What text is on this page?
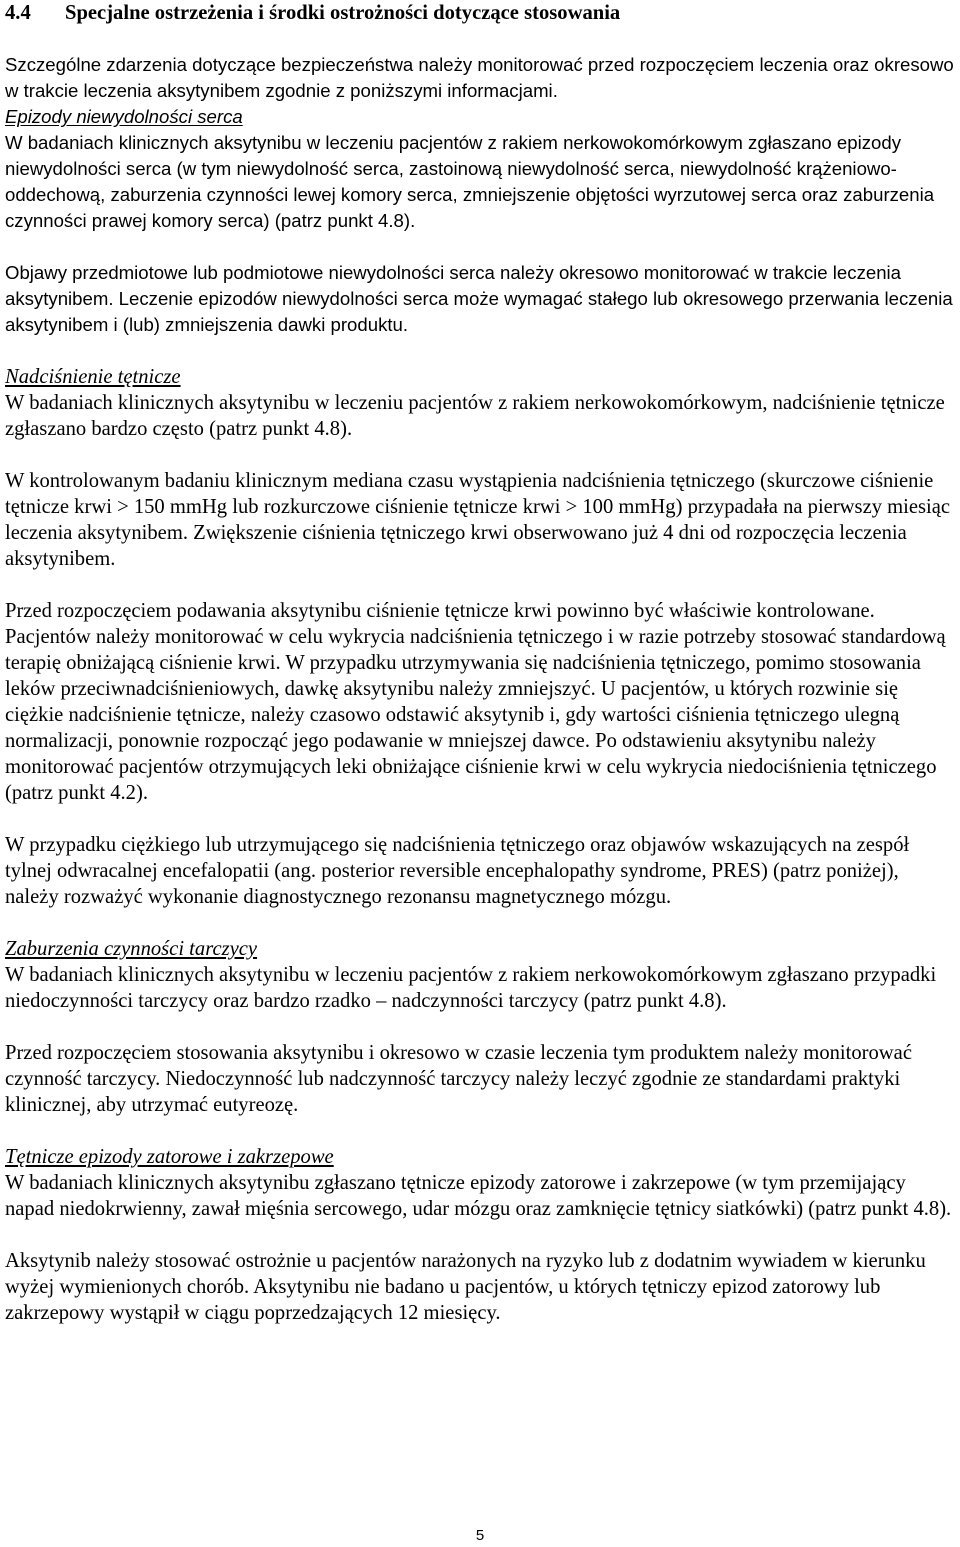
4.4	Specjalne ostrzeżenia i środki ostrożności dotyczące stosowania

Szczególne zdarzenia dotyczące bezpieczeństwa należy monitorować przed rozpoczęciem leczenia oraz okresowo w trakcie leczenia aksytynibem zgodnie z poniższymi informacjami.

Epizody niewydolności serca

W badaniach klinicznych aksytynibu w leczeniu pacjentów z rakiem nerkowokomórkowym zgłaszano epizody niewydolności serca (w tym niewydolność serca, zastoinową niewydolność serca, niewydolność krążeniowo-oddechową, zaburzenia czynności lewej komory serca, zmniejszenie objętości wyrzutowej serca oraz zaburzenia czynności prawej komory serca) (patrz punkt 4.8).

Objawy przedmiotowe lub podmiotowe niewydolności serca należy okresowo monitorować w trakcie leczenia aksytynibem. Leczenie epizodów niewydolności serca może wymagać stałego lub okresowego przerwania leczenia aksytynibem i (lub) zmniejszenia dawki produktu.

Nadciśnienie tętnicze

W badaniach klinicznych aksytynibu w leczeniu pacjentów z rakiem nerkowokomórkowym, nadciśnienie tętnicze zgłaszano bardzo często (patrz punkt 4.8).

W kontrolowanym badaniu klinicznym mediana czasu wystąpienia nadciśnienia tętniczego (skurczowe ciśnienie tętnicze krwi > 150 mmHg lub rozkurczowe ciśnienie tętnicze krwi > 100 mmHg) przypadała na pierwszy miesiąc leczenia aksytynibem. Zwiększenie ciśnienia tętniczego krwi obserwowano już 4 dni od rozpoczęcia leczenia aksytynibem.

Przed rozpoczęciem podawania aksytynibu ciśnienie tętnicze krwi powinno być właściwie kontrolowane. Pacjentów należy monitorować w celu wykrycia nadciśnienia tętniczego i w razie potrzeby stosować standardową terapię obniżającą ciśnienie krwi. W przypadku utrzymywania się nadciśnienia tętniczego, pomimo stosowania leków przeciwnadciśnieniowych, dawkę aksytynibu należy zmniejszyć. U pacjentów, u których rozwinie się ciężkie nadciśnienie tętnicze, należy czasowo odstawić aksytynib i, gdy wartości ciśnienia tętniczego ulegną normalizacji, ponownie rozpocząć jego podawanie w mniejszej dawce. Po odstawieniu aksytynibu należy monitorować pacjentów otrzymujących leki obniżające ciśnienie krwi w celu wykrycia niedociśnienia tętniczego (patrz punkt 4.2).

W przypadku ciężkiego lub utrzymującego się nadciśnienia tętniczego oraz objawów wskazujących na zespół tylnej odwracalnej encefalopatii (ang. posterior reversible encephalopathy syndrome, PRES) (patrz poniżej), należy rozważyć wykonanie diagnostycznego rezonansu magnetycznego mózgu.

Zaburzenia czynności tarczycy

W badaniach klinicznych aksytynibu w leczeniu pacjentów z rakiem nerkowokomórkowym zgłaszano przypadki niedoczynności tarczycy oraz bardzo rzadko – nadczynności tarczycy (patrz punkt 4.8).

Przed rozpoczęciem stosowania aksytynibu i okresowo w czasie leczenia tym produktem należy monitorować czynność tarczycy. Niedoczynność lub nadczynność tarczycy należy leczyć zgodnie ze standardami praktyki klinicznej, aby utrzymać eutyreozę.

Tętnicze epizody zatorowe i zakrzepowe

W badaniach klinicznych aksytynibu zgłaszano tętnicze epizody zatorowe i zakrzepowe (w tym przemijający napad niedokrwienny, zawał mięśnia sercowego, udar mózgu oraz zamknięcie tętnicy siatkówki) (patrz punkt 4.8).

Aksytynib należy stosować ostrożnie u pacjentów narażonych na ryzyko lub z dodatnim wywiadem w kierunku wyżej wymienionych chorób. Aksytynibu nie badano u pacjentów, u których tętniczy epizod zatorowy lub zakrzepowy wystąpił w ciągu poprzedzających 12 miesięcy.

5
